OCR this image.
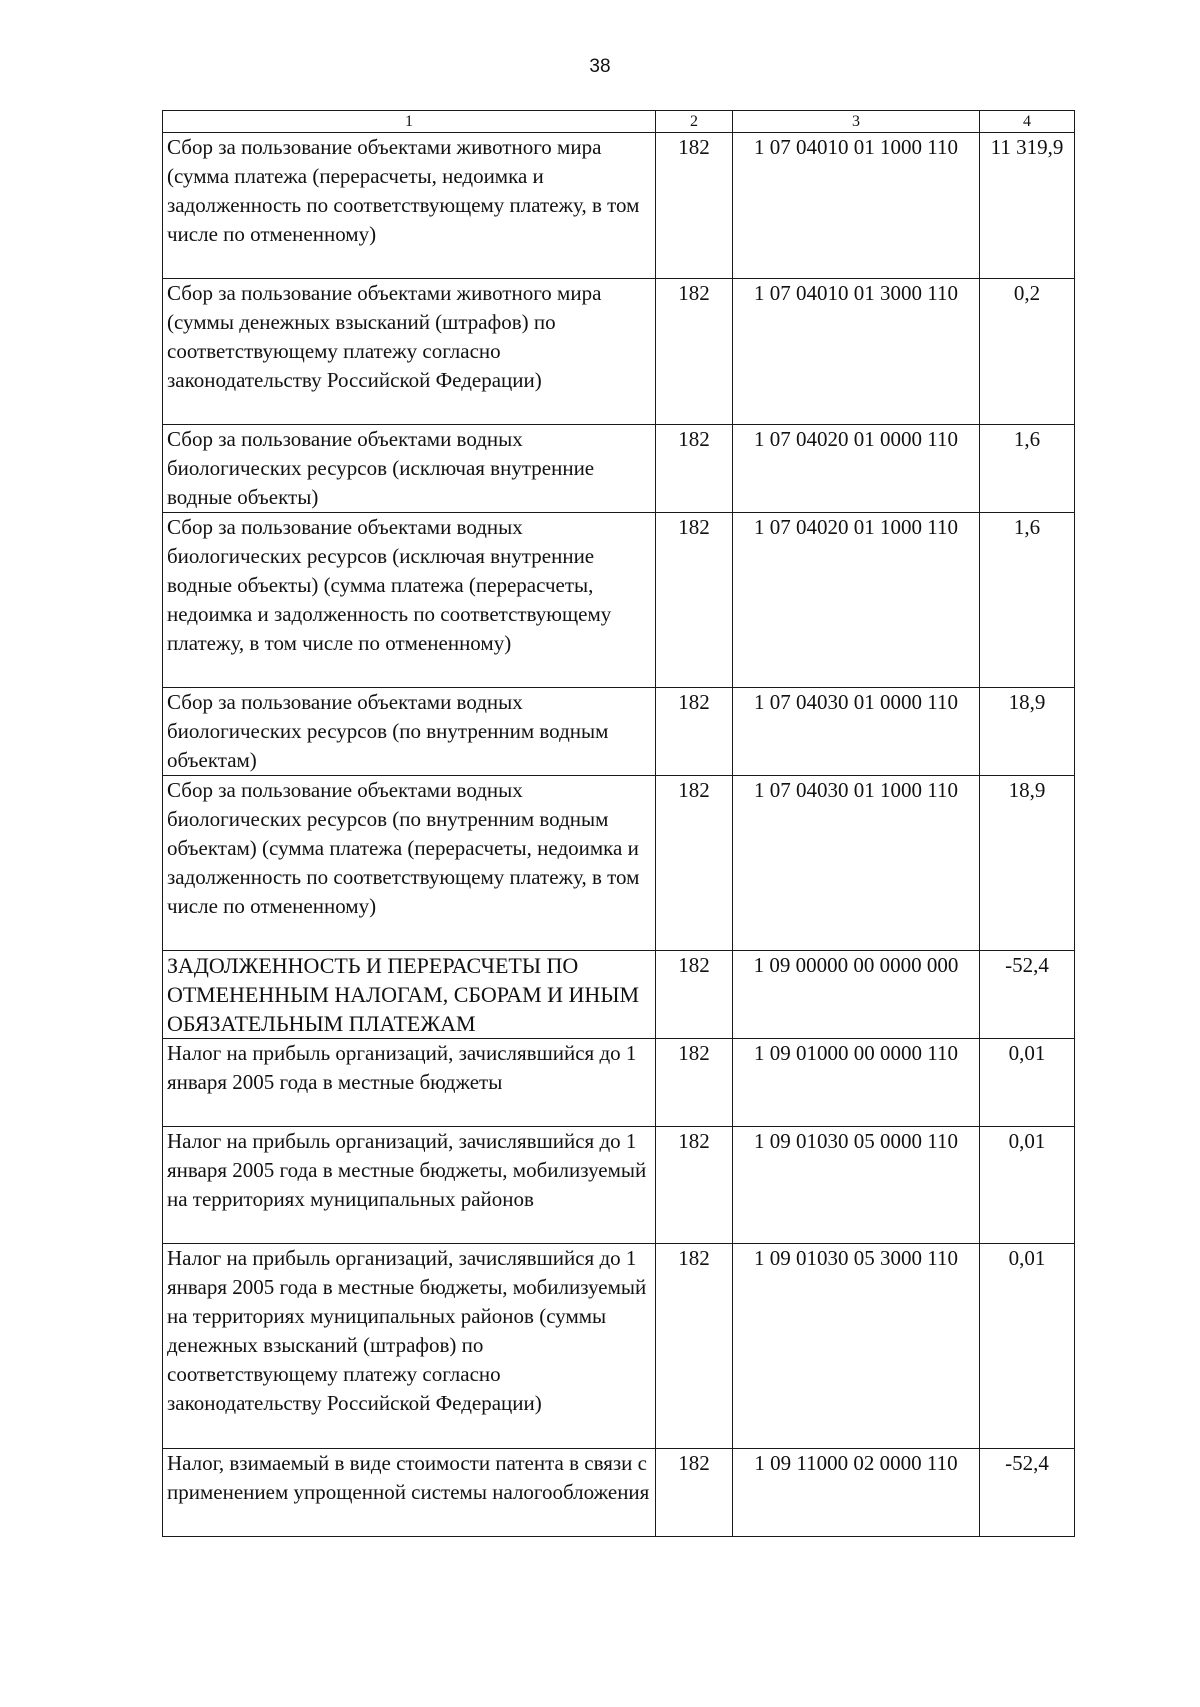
38
1	2	3	4
Сбор за пользование объектами животного мира (сумма платежа (перерасчеты, недоимка и задолженность по соответствующему платежу, в том числе по отмененному)	182	1 07 04010 01 1000 110	11 319,9
Сбор за пользование объектами животного мира (суммы денежных взысканий (штрафов) по соответствующему платежу согласно законодательству Российской Федерации)	182	1 07 04010 01 3000 110	0,2
Сбор за пользование объектами водных биологических ресурсов (исключая внутренние водные объекты)	182	1 07 04020 01 0000 110	1,6
Сбор за пользование объектами водных биологических ресурсов (исключая внутренние водные объекты) (сумма платежа (перерасчеты, недоимка и задолженность по соответствующему платежу, в том числе по отмененному)	182	1 07 04020 01 1000 110	1,6
Сбор за пользование объектами водных биологических ресурсов (по внутренним водным объектам)	182	1 07 04030 01 0000 110	18,9
Сбор за пользование объектами водных биологических ресурсов (по внутренним водным объектам) (сумма платежа (перерасчеты, недоимка и задолженность по соответствующему платежу, в том числе по отмененному)	182	1 07 04030 01 1000 110	18,9
ЗАДОЛЖЕННОСТЬ И ПЕРЕРАСЧЕТЫ ПО ОТМЕНЕННЫМ НАЛОГАМ, СБОРАМ И ИНЫМ ОБЯЗАТЕЛЬНЫМ ПЛАТЕЖАМ	182	1 09 00000 00 0000 000	-52,4
Налог на прибыль организаций, зачислявшийся до 1 января 2005 года в местные бюджеты	182	1 09 01000 00 0000 110	0,01
Налог на прибыль организаций, зачислявшийся до 1 января 2005 года в местные бюджеты, мобилизуемый на территориях муниципальных районов	182	1 09 01030 05 0000 110	0,01
Налог на прибыль организаций, зачислявшийся до 1 января 2005 года в местные бюджеты, мобилизуемый на территориях муниципальных районов (суммы денежных взысканий (штрафов) по соответствующему платежу согласно законодательству Российской Федерации)	182	1 09 01030 05 3000 110	0,01
Налог, взимаемый в виде стоимости патента в связи с применением упрощенной системы налогообложения	182	1 09 11000 02 0000 110	-52,4
